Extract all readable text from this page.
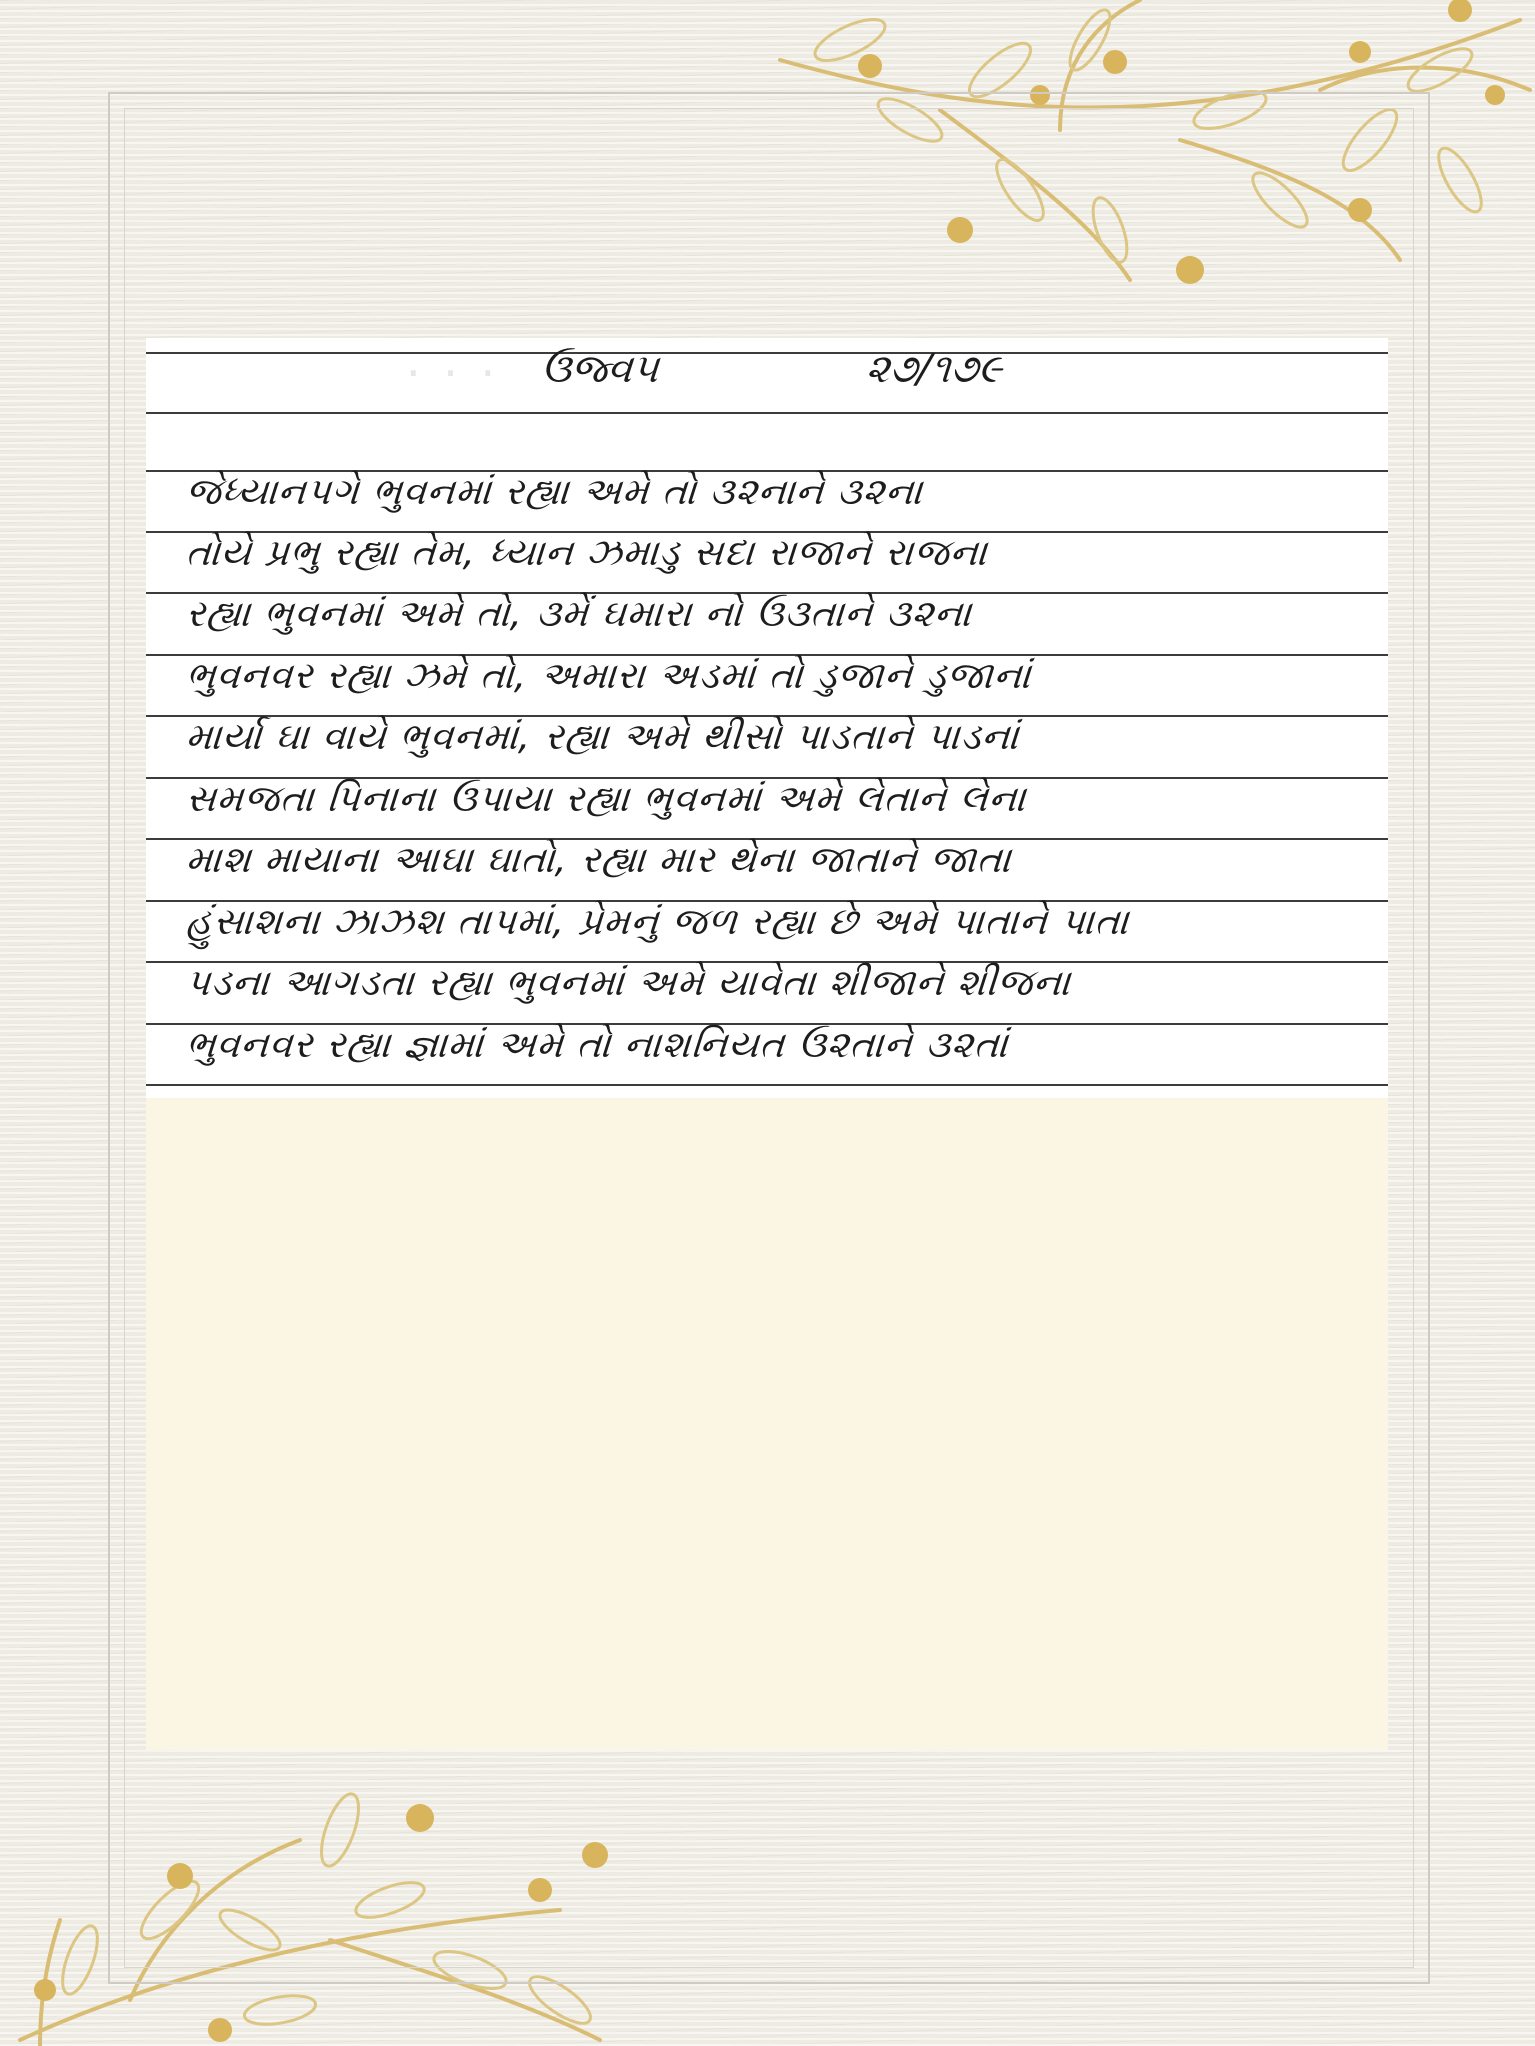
· · · ઉજ્વ૫	૨૭/૧૭૯
જેધ્યાનપગે ભુવનમાં રહ્યા અમે તો ૩૨નાને ૩૨ના
તોયે પ્રભુ રહ્યા તેમ, ધ્યાન ઝમાડુ સદા રાજાને રાજના
રહ્યા ભુવનમાં અમે તો, ૩મેં ઘમારા નો ઉ૩તાને ૩૨ના
ભુવનવર રહ્યા ઝમે તો, અમારા અડમાં તો ડુજાને ડુજાનાં
માર્યા ઘા વાયે ભુવનમાં, રહ્યા અમે થીસો પાડતાને પાડનાં
સમજતા પિનાના ઉપાયા રહ્યા ભુવનમાં અમે લેતાને લેના
માશ માયાના આઘા ઘાતો, રહ્યા માર થેના જાતાને જાતા
હુંસાશના ઝાઝશ તાપમાં, પ્રેમનું જળ રહ્યા છે અમે પાતાને પાતા
પડના આગડતા રહ્યા ભુવનમાં અમે યાવેતા શીજાને શીજના
ભુવનવર રહ્યા જ્ઞામાં અમે તો નાશનિયત ઉ૨તાને ૩૨તાં
